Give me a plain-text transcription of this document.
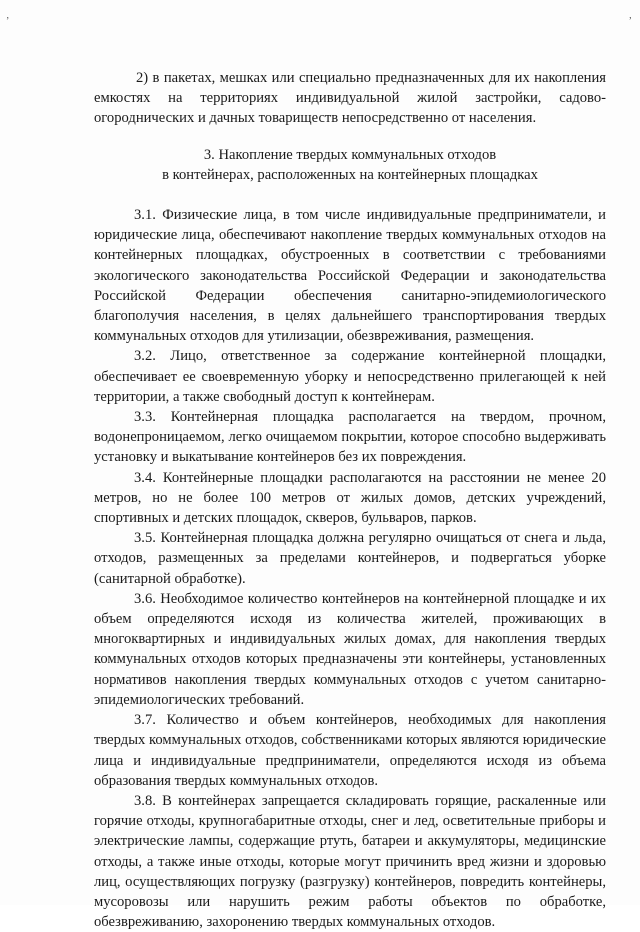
‚	‚

2) в пакетах, мешках или специально предназначенных для их накопления емкостях на территориях индивидуальной жилой застройки, садово-огороднических и дачных товариществ непосредственно от населения.

3. Накопление твердых коммунальных отходов
в контейнерах, расположенных на контейнерных площадках

3.1. Физические лица, в том числе индивидуальные предприниматели, и юридические лица, обеспечивают накопление твердых коммунальных отходов на контейнерных площадках, обустроенных в соответствии с требованиями экологического законодательства Российской Федерации и законодательства Российской Федерации обеспечения санитарно-эпидемиологического благополучия населения, в целях дальнейшего транспортирования твердых коммунальных отходов для утилизации, обезвреживания, размещения.

3.2. Лицо, ответственное за содержание контейнерной площадки, обеспечивает ее своевременную уборку и непосредственно прилегающей к ней территории, а также свободный доступ к контейнерам.

3.3. Контейнерная площадка располагается на твердом, прочном, водонепроницаемом, легко очищаемом покрытии, которое способно выдерживать установку и выкатывание контейнеров без их повреждения.

3.4. Контейнерные площадки располагаются на расстоянии не менее 20 метров, но не более 100 метров от жилых домов, детских учреждений, спортивных и детских площадок, скверов, бульваров, парков.

3.5. Контейнерная площадка должна регулярно очищаться от снега и льда, отходов, размещенных за пределами контейнеров, и подвергаться уборке (санитарной обработке).

3.6. Необходимое количество контейнеров на контейнерной площадке и их объем определяются исходя из количества жителей, проживающих в многоквартирных и индивидуальных жилых домах, для накопления твердых коммунальных отходов которых предназначены эти контейнеры, установленных нормативов накопления твердых коммунальных отходов с учетом санитарно-эпидемиологических требований.

3.7. Количество и объем контейнеров, необходимых для накопления твердых коммунальных отходов, собственниками которых являются юридические лица и индивидуальные предприниматели, определяются исходя из объема образования твердых коммунальных отходов.

3.8. В контейнерах запрещается складировать горящие, раскаленные или горячие отходы, крупногабаритные отходы, снег и лед, осветительные приборы и электрические лампы, содержащие ртуть, батареи и аккумуляторы, медицинские отходы, а также иные отходы, которые могут причинить вред жизни и здоровью лиц, осуществляющих погрузку (разгрузку) контейнеров, повредить контейнеры, мусоровозы или нарушить режим работы объектов по обработке, обезвреживанию, захоронению твердых коммунальных отходов.
